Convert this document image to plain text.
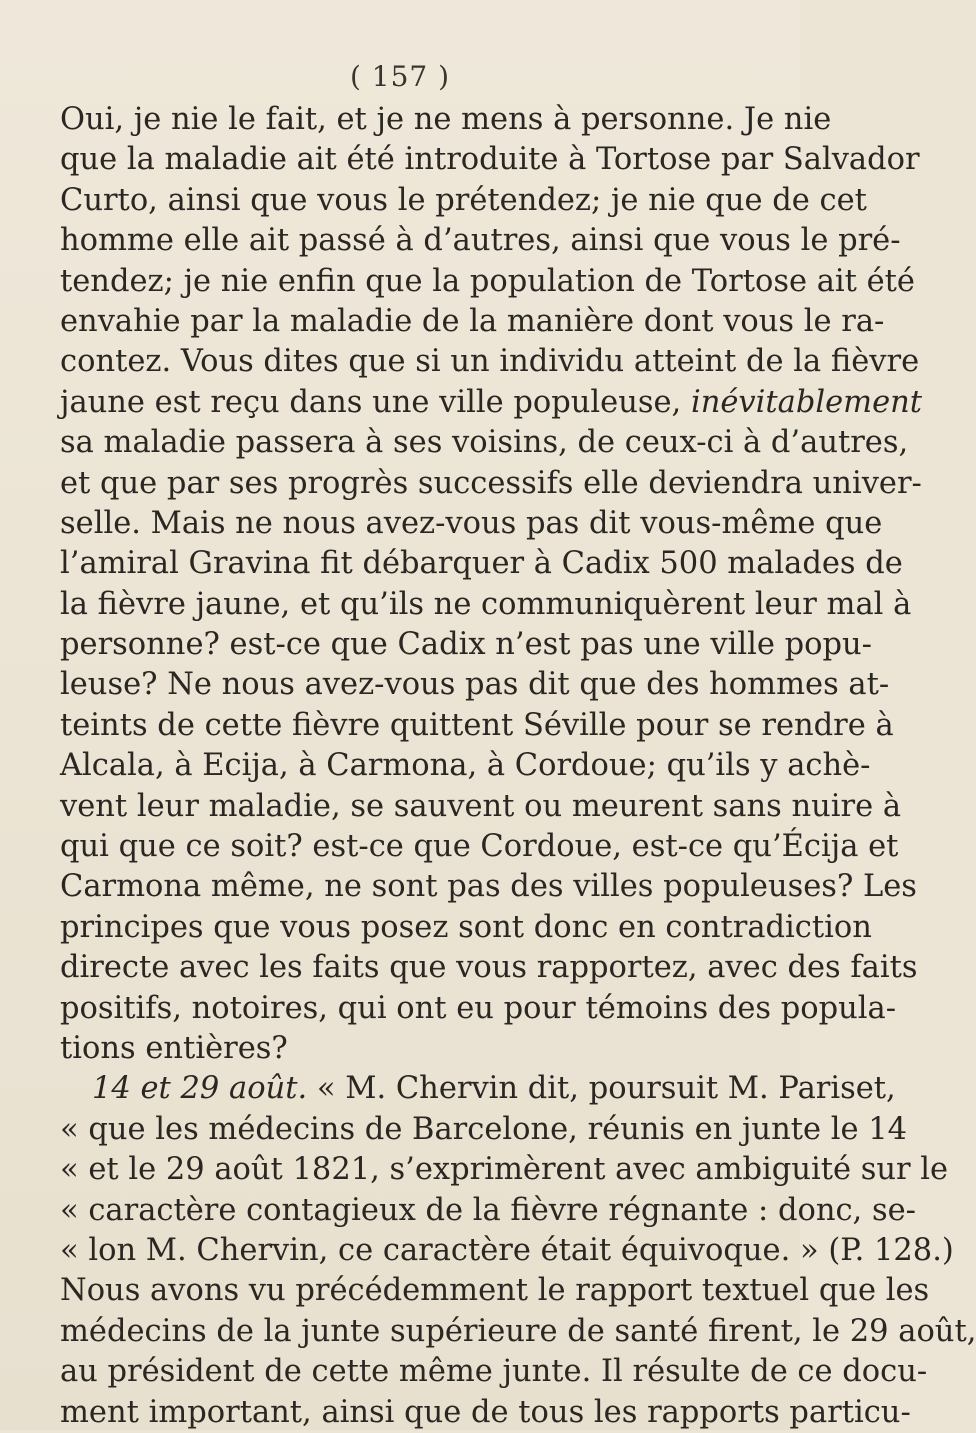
( 157 )
Oui, je nie le fait, et je ne mens à personne. Je nie
que la maladie ait été introduite à Tortose par Salvador
Curto, ainsi que vous le prétendez; je nie que de cet
homme elle ait passé à d’autres, ainsi que vous le pré-
tendez; je nie enfin que la population de Tortose ait été
envahie par la maladie de la manière dont vous le ra-
contez. Vous dites que si un individu atteint de la fièvre
jaune est reçu dans une ville populeuse, inévitablement
sa maladie passera à ses voisins, de ceux-ci à d’autres,
et que par ses progrès successifs elle deviendra univer-
selle. Mais ne nous avez-vous pas dit vous-même que
l’amiral Gravina fit débarquer à Cadix 500 malades de
la fièvre jaune, et qu’ils ne communiquèrent leur mal à
personne? est-ce que Cadix n’est pas une ville popu-
leuse? Ne nous avez-vous pas dit que des hommes at-
teints de cette fièvre quittent Séville pour se rendre à
Alcala, à Ecija, à Carmona, à Cordoue; qu’ils y achè-
vent leur maladie, se sauvent ou meurent sans nuire à
qui que ce soit? est-ce que Cordoue, est-ce qu’Écija et
Carmona même, ne sont pas des villes populeuses? Les
principes que vous posez sont donc en contradiction
directe avec les faits que vous rapportez, avec des faits
positifs, notoires, qui ont eu pour témoins des popula-
tions entières?
14 et 29 août. « M. Chervin dit, poursuit M. Pariset,
« que les médecins de Barcelone, réunis en junte le 14
« et le 29 août 1821, s’exprimèrent avec ambiguité sur le
« caractère contagieux de la fièvre régnante : donc, se-
« lon M. Chervin, ce caractère était équivoque. » (P. 128.)
Nous avons vu précédemment le rapport textuel que les
médecins de la junte supérieure de santé firent, le 29 août,
au président de cette même junte. Il résulte de ce docu-
ment important, ainsi que de tous les rapports particu-
